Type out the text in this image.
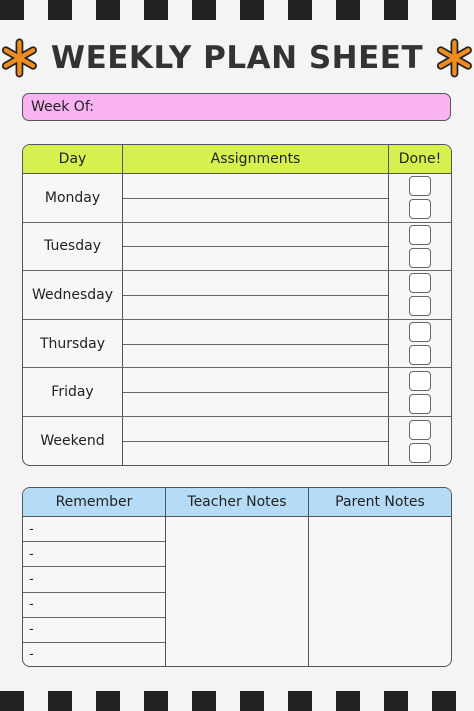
WEEKLY PLAN SHEET
Week Of:
Day	Assignments	Done!
Monday
Tuesday
Wednesday
Thursday
Friday
Weekend
Remember	Teacher Notes	Parent Notes
-
-
-
-
-
-
